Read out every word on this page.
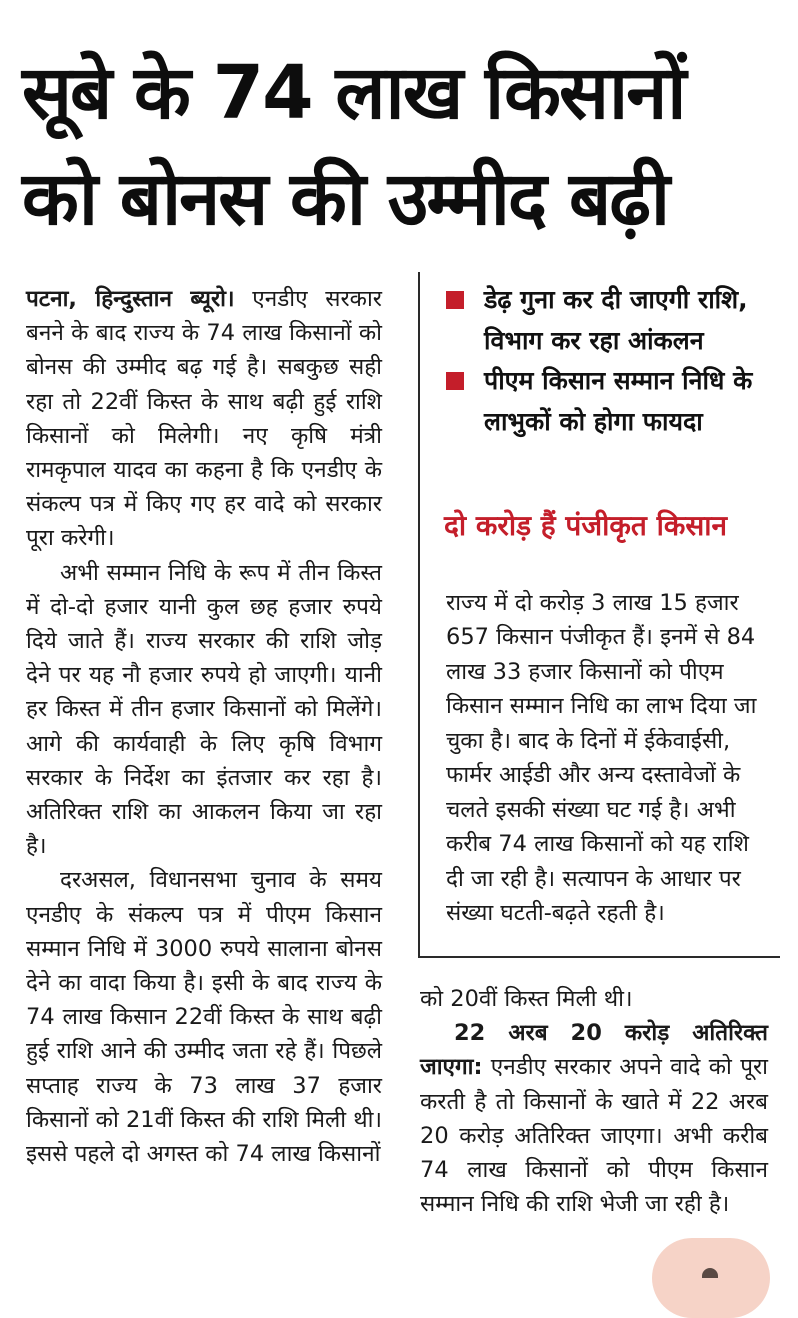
सूबे के 74 लाख किसानों
को बोनस की उम्मीद बढ़ी

पटना, हिन्दुस्तान ब्यूरो। एनडीए सरकार बनने के बाद राज्य के 74 लाख किसानों को बोनस की उम्मीद बढ़ गई है। सबकुछ सही रहा तो 22वीं किस्त के साथ बढ़ी हुई राशि किसानों को मिलेगी। नए कृषि मंत्री रामकृपाल यादव का कहना है कि एनडीए के संकल्प पत्र में किए गए हर वादे को सरकार पूरा करेगी।

अभी सम्मान निधि के रूप में तीन किस्त में दो-दो हजार यानी कुल छह हजार रुपये दिये जाते हैं। राज्य सरकार की राशि जोड़ देने पर यह नौ हजार रुपये हो जाएगी। यानी हर किस्त में तीन हजार किसानों को मिलेंगे। आगे की कार्यवाही के लिए कृषि विभाग सरकार के निर्देश का इंतजार कर रहा है। अतिरिक्त राशि का आकलन किया जा रहा है।

दरअसल, विधानसभा चुनाव के समय एनडीए के संकल्प पत्र में पीएम किसान सम्मान निधि में 3000 रुपये सालाना बोनस देने का वादा किया है। इसी के बाद राज्य के 74 लाख किसान 22वीं किस्त के साथ बढ़ी हुई राशि आने की उम्मीद जता रहे हैं। पिछले सप्ताह राज्य के 73 लाख 37 हजार किसानों को 21वीं किस्त की राशि मिली थी। इससे पहले दो अगस्त को 74 लाख किसानों

डेढ़ गुना कर दी जाएगी राशि, विभाग कर रहा आंकलन
पीएम किसान सम्मान निधि के लाभुकों को होगा फायदा
दो करोड़ हैं पंजीकृत किसान

राज्य में दो करोड़ 3 लाख 15 हजार 657 किसान पंजीकृत हैं। इनमें से 84 लाख 33 हजार किसानों को पीएम किसान सम्मान निधि का लाभ दिया जा चुका है। बाद के दिनों में ईकेवाईसी, फार्मर आईडी और अन्य दस्तावेजों के चलते इसकी संख्या घट गई है। अभी करीब 74 लाख किसानों को यह राशि दी जा रही है। सत्यापन के आधार पर संख्या घटती-बढ़ते रहती है।

को 20वीं किस्त मिली थी।

22 अरब 20 करोड़ अतिरिक्त जाएगा: एनडीए सरकार अपने वादे को पूरा करती है तो किसानों के खाते में 22 अरब 20 करोड़ अतिरिक्त जाएगा। अभी करीब 74 लाख किसानों को पीएम किसान सम्मान निधि की राशि भेजी जा रही है।
